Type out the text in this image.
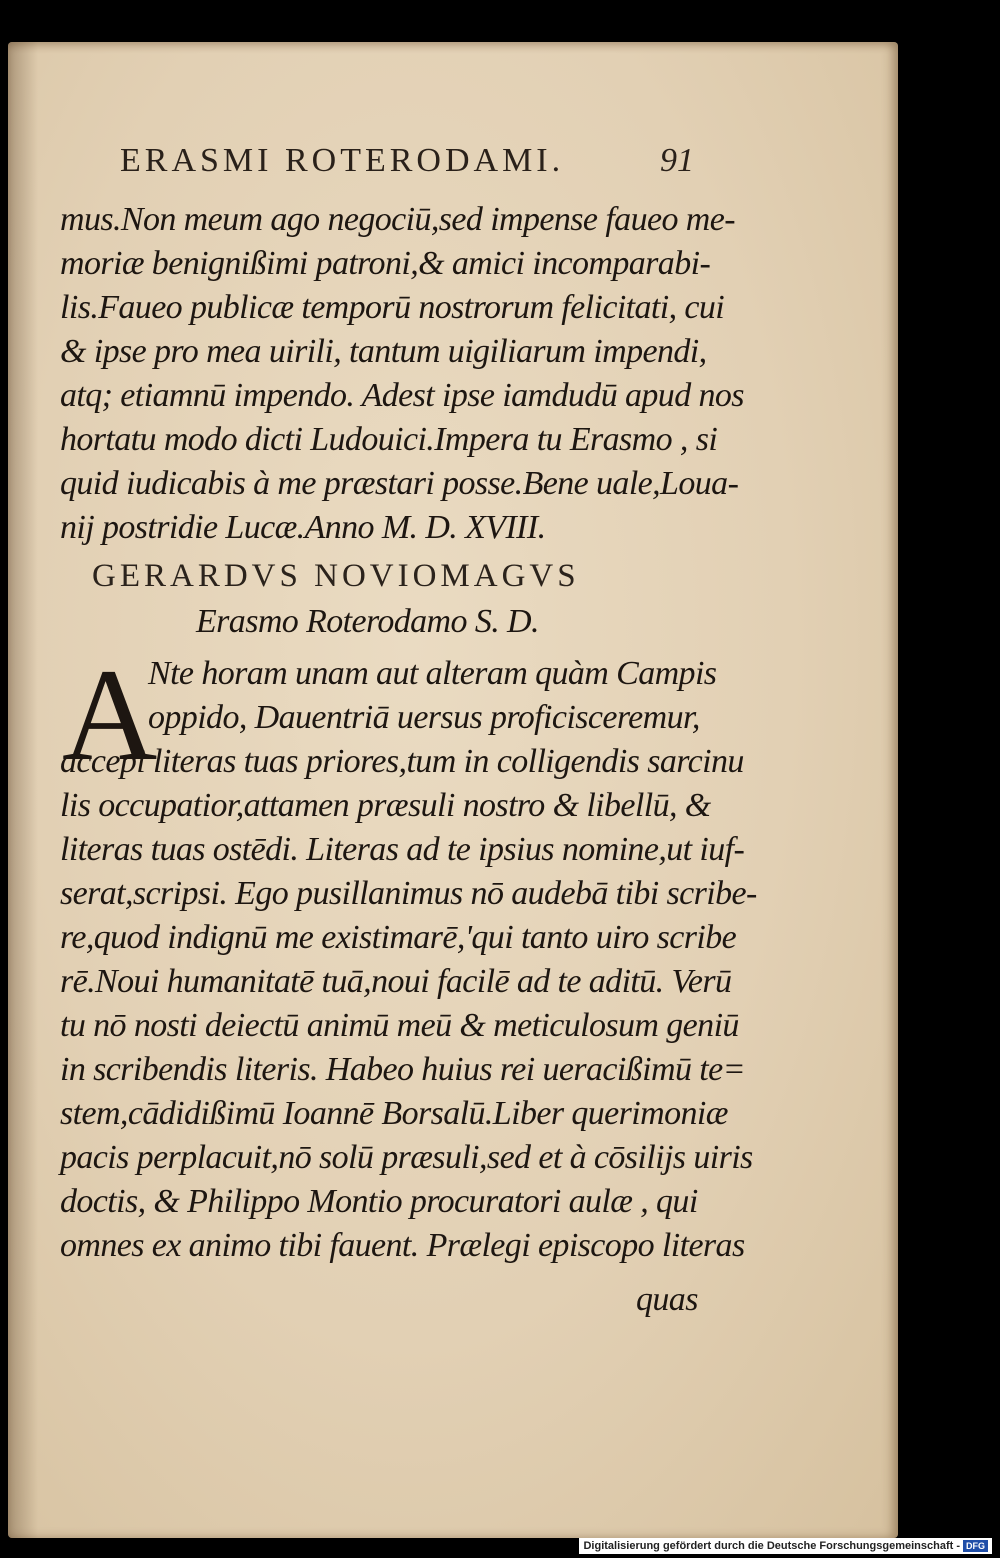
ERASMI ROTERODAMI.	91
mus.Non meum ago negociū,sed impense faueo me-
moriæ benignißimi patroni,& amici incomparabi-
lis.Faueo publicæ temporū nostrorum felicitati, cui
& ipse pro mea uirili, tantum uigiliarum impendi,
atq; etiamnū impendo. Adest ipse iamdudū apud nos
hortatu modo dicti Ludouici.Impera tu Erasmo , si
quid iudicabis à me præstari posse.Bene uale,Loua-
nij postridie Lucæ.Anno M. D. XVIII.
GERARDVS NOVIOMAGVS
Erasmo Roterodamo S. D.
A
Nte horam unam aut alteram quàm Campis
oppido, Dauentriā uersus proficisceremur,
accepi literas tuas priores,tum in colligendis sarcinu
lis occupatior,attamen præsuli nostro & libellū, &
literas tuas ostēdi. Literas ad te ipsius nomine,ut iuf-
serat,scripsi. Ego pusillanimus nō audebā tibi scribe-
re,quod indignū me existimarē,'qui tanto uiro scribe
rē.Noui humanitatē tuā,noui facilē ad te aditū. Verū
tu nō nosti deiectū animū meū & meticulosum geniū
in scribendis literis. Habeo huius rei ueracißimū te=
stem,cādidißimū Ioannē Borsalū.Liber querimoniæ
pacis perplacuit,nō solū præsuli,sed et à cōsilijs uiris
doctis, & Philippo Montio procuratori aulæ , qui
omnes ex animo tibi fauent. Prælegi episcopo literas
quas
Digitalisierung gefördert durch die Deutsche Forschungsgemeinschaft - DFG
